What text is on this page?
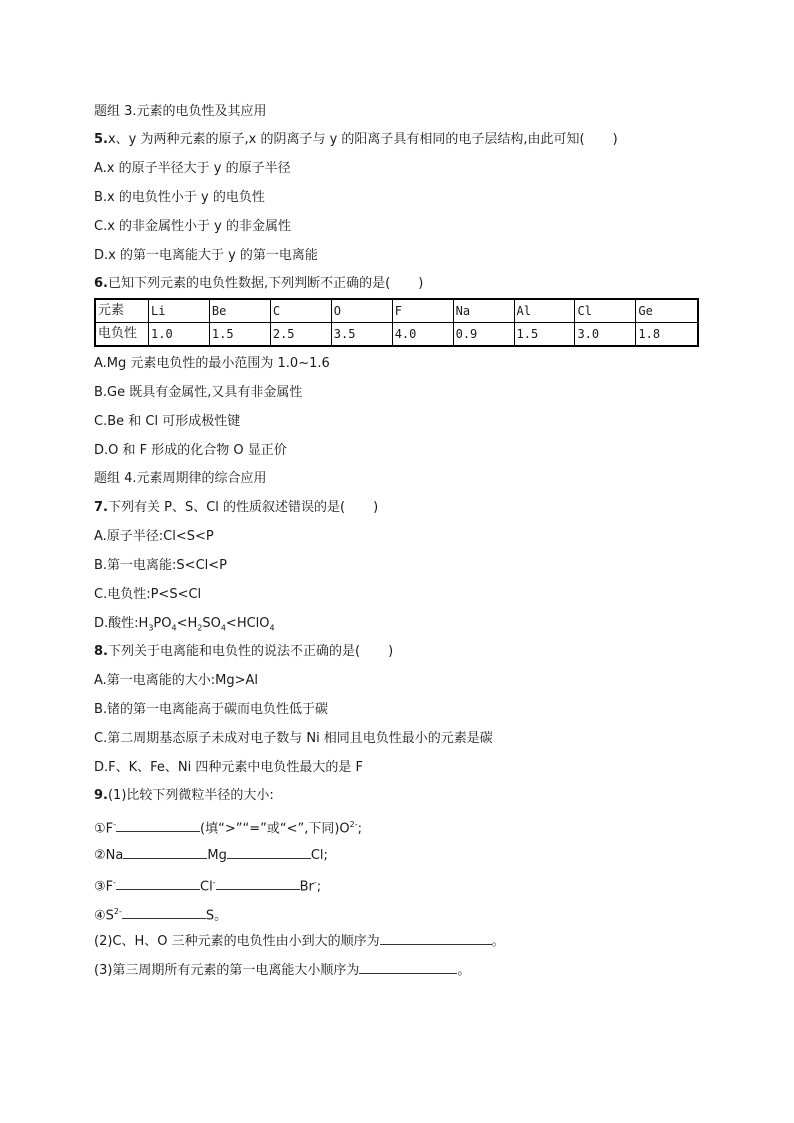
题组 3.元素的电负性及其应用
5.x、y 为两种元素的原子,x 的阴离子与 y 的阳离子具有相同的电子层结构,由此可知( )
A.x 的原子半径大于 y 的原子半径
B.x 的电负性小于 y 的电负性
C.x 的非金属性小于 y 的非金属性
D.x 的第一电离能大于 y 的第一电离能
6.已知下列元素的电负性数据,下列判断不正确的是( )
元素	Li	Be	C	O	F	Na	Al	Cl	Ge
电负性	1.0	1.5	2.5	3.5	4.0	0.9	1.5	3.0	1.8
A.Mg 元素电负性的最小范围为 1.0~1.6
B.Ge 既具有金属性,又具有非金属性
C.Be 和 Cl 可形成极性键
D.O 和 F 形成的化合物 O 显正价
题组 4.元素周期律的综合应用
7.下列有关 P、S、Cl 的性质叙述错误的是( )
A.原子半径:Cl<S<P
B.第一电离能:S<Cl<P
C.电负性:P<S<Cl
D.酸性$:H_3PO_4<H_2SO_4<HClO_4$
8.下列关于电离能和电负性的说法不正确的是( )
A.第一电离能的大小:Mg>Al
B.锗的第一电离能高于碳而电负性低于碳
C.第二周期基态原子未成对电子数与 Ni 相同且电负性最小的元素是碳
D.F、K、Fe、Ni 四种元素中电负性最大的是 F
9.(1)比较下列微粒半径的大小:
①F-	(填“>”“=”或“<”,下同)$O^{2-}$;
②Na	Mg	Cl;
③F-	Cl-	Br-;
$④S^{2-}$	S。
(2)C、H、O 三种元素的电负性由小到大的顺序为	。
(3)第三周期所有元素的第一电离能大小顺序为	。
